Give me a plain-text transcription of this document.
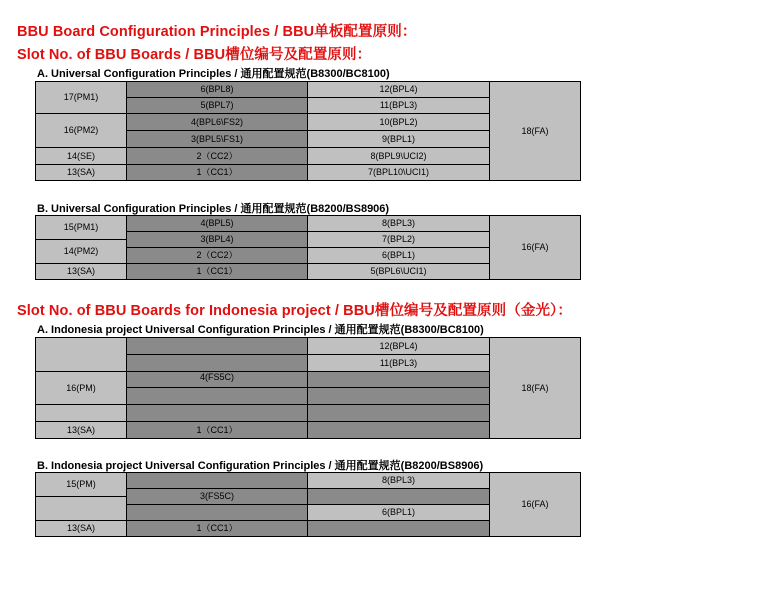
BBU Board Configuration Principles / BBU单板配置原则：
Slot No. of BBU Boards / BBU槽位编号及配置原则：
A. Universal Configuration Principles / 通用配置规范(B8300/BC8100)
17(PM1)
16(PM2)
14(SE)
13(SA)
6(BPL8)
5(BPL7)
4(BPL6\FS2)
3(BPL5\FS1)
2（CC2）
1（CC1）
12(BPL4)
11(BPL3)
10(BPL2)
9(BPL1)
8(BPL9\UCI2)
7(BPL10\UCI1)
18(FA)
B. Universal Configuration Principles / 通用配置规范(B8200/BS8906)
15(PM1)
14(PM2)
13(SA)
4(BPL5)
3(BPL4)
2（CC2）
1（CC1）
8(BPL3)
7(BPL2)
6(BPL1)
5(BPL6\UCI1)
16(FA)
Slot No. of BBU Boards for Indonesia project / BBU槽位编号及配置原则（金光）：
A. Indonesia project Universal Configuration Principles / 通用配置规范(B8300/BC8100)
16(PM)
13(SA)
4(FS5C)
1（CC1）
12(BPL4)
11(BPL3)
18(FA)
B. Indonesia project Universal Configuration Principles / 通用配置规范(B8200/BS8906)
15(PM)
13(SA)
3(FS5C)
1（CC1）
8(BPL3)
6(BPL1)
16(FA)
